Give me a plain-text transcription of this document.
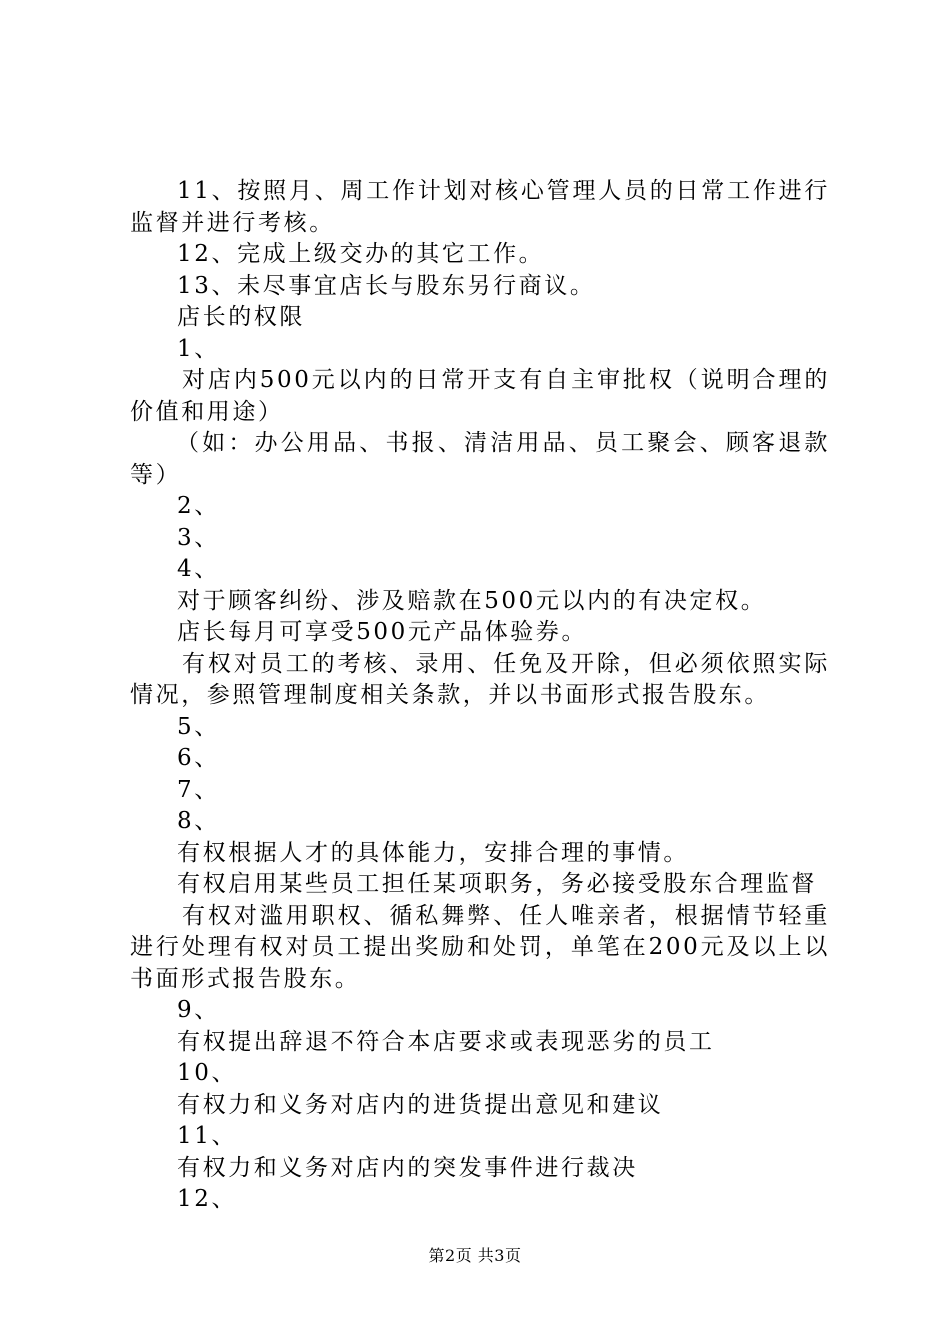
11、按照月、周工作计划对核心管理人员的日常工作进行监督并进行考核。

12、完成上级交办的其它工作。

13、未尽事宜店长与股东另行商议。

店长的权限

1、

对店内500元以内的日常开支有自主审批权（说明合理的价值和用途）

（如：办公用品、书报、清洁用品、员工聚会、顾客退款等）

2、

3、

4、

对于顾客纠纷、涉及赔款在500元以内的有决定权。

店长每月可享受500元产品体验券。

有权对员工的考核、录用、任免及开除，但必须依照实际情况，参照管理制度相关条款，并以书面形式报告股东。

5、

6、

7、

8、

有权根据人才的具体能力，安排合理的事情。

有权启用某些员工担任某项职务，务必接受股东合理监督

有权对滥用职权、循私舞弊、任人唯亲者，根据情节轻重进行处理有权对员工提出奖励和处罚，单笔在200元及以上以书面形式报告股东。

9、

有权提出辞退不符合本店要求或表现恶劣的员工

10、

有权力和义务对店内的进货提出意见和建议

11、

有权力和义务对店内的突发事件进行裁决

12、

第2页 共3页
